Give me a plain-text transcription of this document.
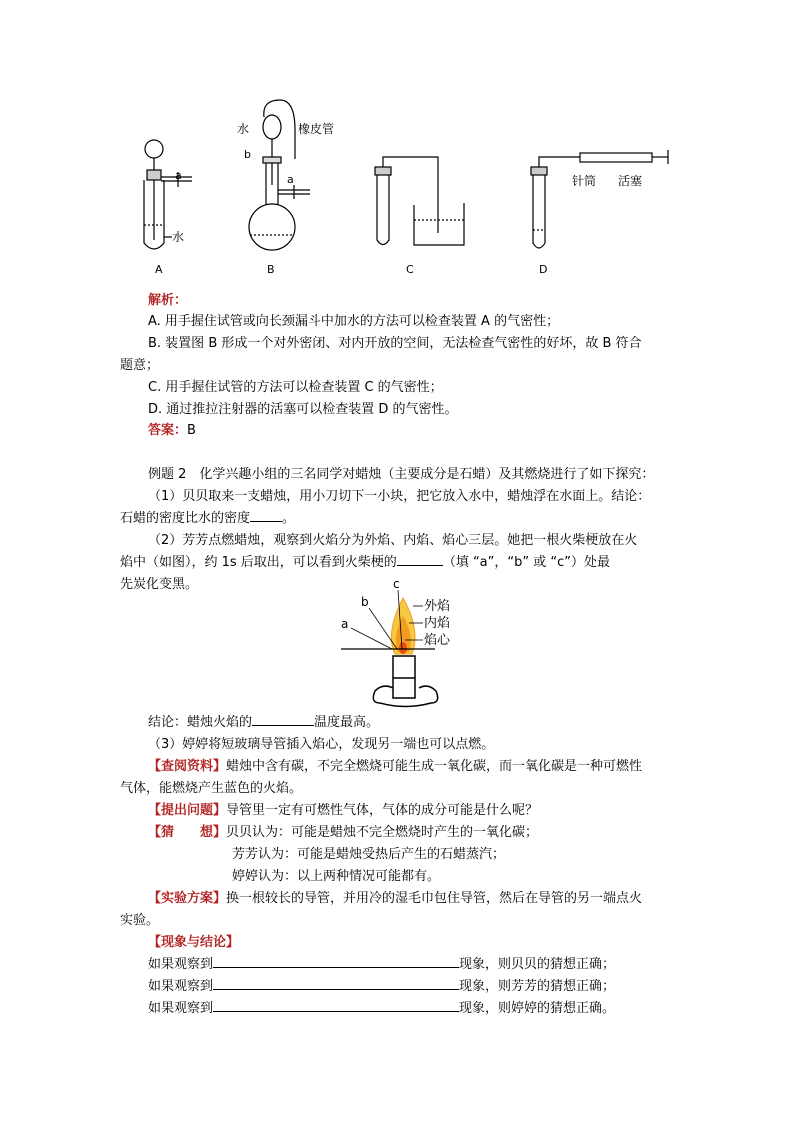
水	橡皮管
b
a	a
水
针筒 活塞
A	B	C	D
解析：
A. 用手握住试管或向长颈漏斗中加水的方法可以检查装置 A 的气密性；
B. 装置图 B 形成一个对外密闭、对内开放的空间，无法检查气密性的好坏，故 B 符合
题意；
C. 用手握住试管的方法可以检查装置 C 的气密性；
D. 通过推拉注射器的活塞可以检查装置 D 的气密性。
答案：B
例题 2　化学兴趣小组的三名同学对蜡烛（主要成分是石蜡）及其燃烧进行了如下探究：
（1）贝贝取来一支蜡烛，用小刀切下一小块，把它放入水中，蜡烛浮在水面上。结论：
石蜡的密度比水的密度 。
（2）芳芳点燃蜡烛，观察到火焰分为外焰、内焰、焰心三层。她把一根火柴梗放在火
焰中（如图），约 1s 后取出，可以看到火柴梗的	（填 “a”，“b” 或 “c”）处最
先炭化变黑。
a
b
c
外焰
内焰
焰心
结论：蜡烛火焰的	温度最高。
（3）婷婷将短玻璃导管插入焰心，发现另一端也可以点燃。
【查阅资料】蜡烛中含有碳，不完全燃烧可能生成一氧化碳，而一氧化碳是一种可燃性
气体，能燃烧产生蓝色的火焰。
【提出问题】导管里一定有可燃性气体，气体的成分可能是什么呢？
【猜　　想】贝贝认为：可能是蜡烛不完全燃烧时产生的一氧化碳；
芳芳认为：可能是蜡烛受热后产生的石蜡蒸汽；
婷婷认为：以上两种情况可能都有。
【实验方案】换一根较长的导管，并用冷的湿毛巾包住导管，然后在导管的另一端点火
实验。
【现象与结论】
如果观察到	现象，则贝贝的猜想正确；
如果观察到	现象，则芳芳的猜想正确；
如果观察到	现象，则婷婷的猜想正确。
